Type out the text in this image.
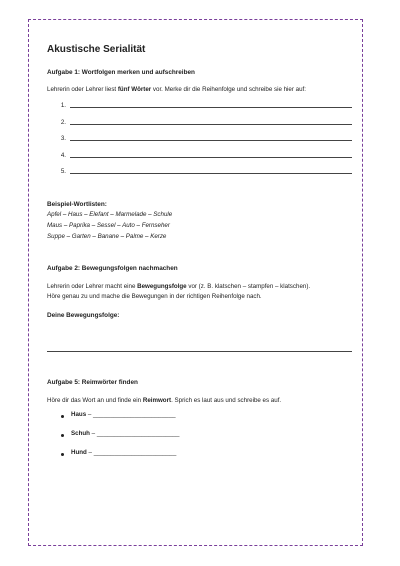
Akustische Serialität
Aufgabe 1: Wortfolgen merken und aufschreiben
Lehrerin oder Lehrer liest fünf Wörter vor. Merke dir die Reihenfolge und schreibe sie hier auf:
1.
2.
3.
4.
5.
Beispiel-Wortlisten:
Apfel – Haus – Elefant – Marmelade – Schule
Maus – Paprika – Sessel – Auto – Fernseher
Suppe – Garten – Banane – Palme – Kerze
Aufgabe 2: Bewegungsfolgen nachmachen
Lehrerin oder Lehrer macht eine Bewegungsfolge vor (z. B. klatschen – stampfen – klatschen).
Höre genau zu und mache die Bewegungen in der richtigen Reihenfolge nach.
Deine Bewegungsfolge:
Aufgabe 5: Reimwörter finden
Höre dir das Wort an und finde ein Reimwort. Sprich es laut aus und schreibe es auf.
Haus – ________________________
Schuh – ________________________
Hund – ________________________
